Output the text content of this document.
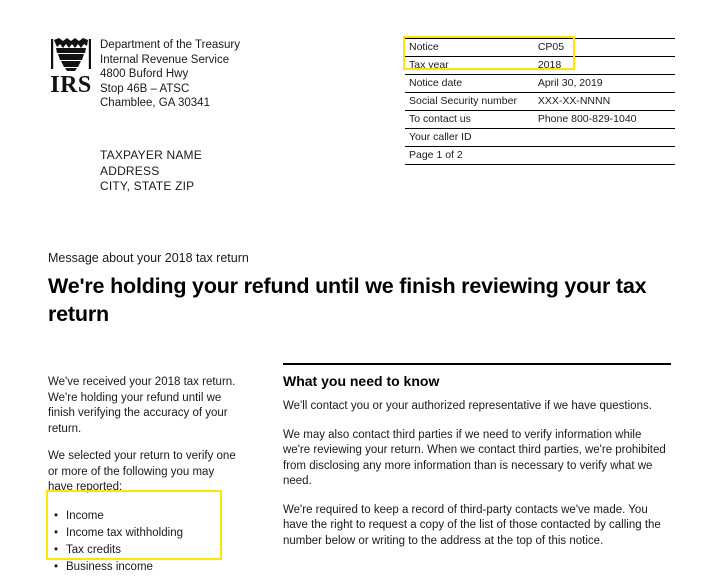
IRS
Department of the Treasury
Internal Revenue Service
4800 Buford Hwy
Stop 46B – ATSC
Chamblee, GA 30341
Notice	CP05
Tax year	2018
Notice date	April 30, 2019
Social Security number	XXX-XX-NNNN
To contact us	Phone 800-829-1040
Your caller ID	
Page 1 of 2	
TAXPAYER NAME
ADDRESS
CITY, STATE ZIP
Message about your 2018 tax return
We're holding your refund until we finish reviewing your tax return

We've received your 2018 tax return. We're holding your refund until we finish verifying the accuracy of your return.

We selected your return to verify one or more of the following you may have reported:

• Income
• Income tax withholding
• Tax credits
• Business income
What you need to know

We'll contact you or your authorized representative if we have questions.

We may also contact third parties if we need to verify information while we're reviewing your return. When we contact third parties, we're prohibited from disclosing any more information than is necessary to verify what we need.

We're required to keep a record of third-party contacts we've made. You have the right to request a copy of the list of those contacted by calling the number below or writing to the address at the top of this notice.
